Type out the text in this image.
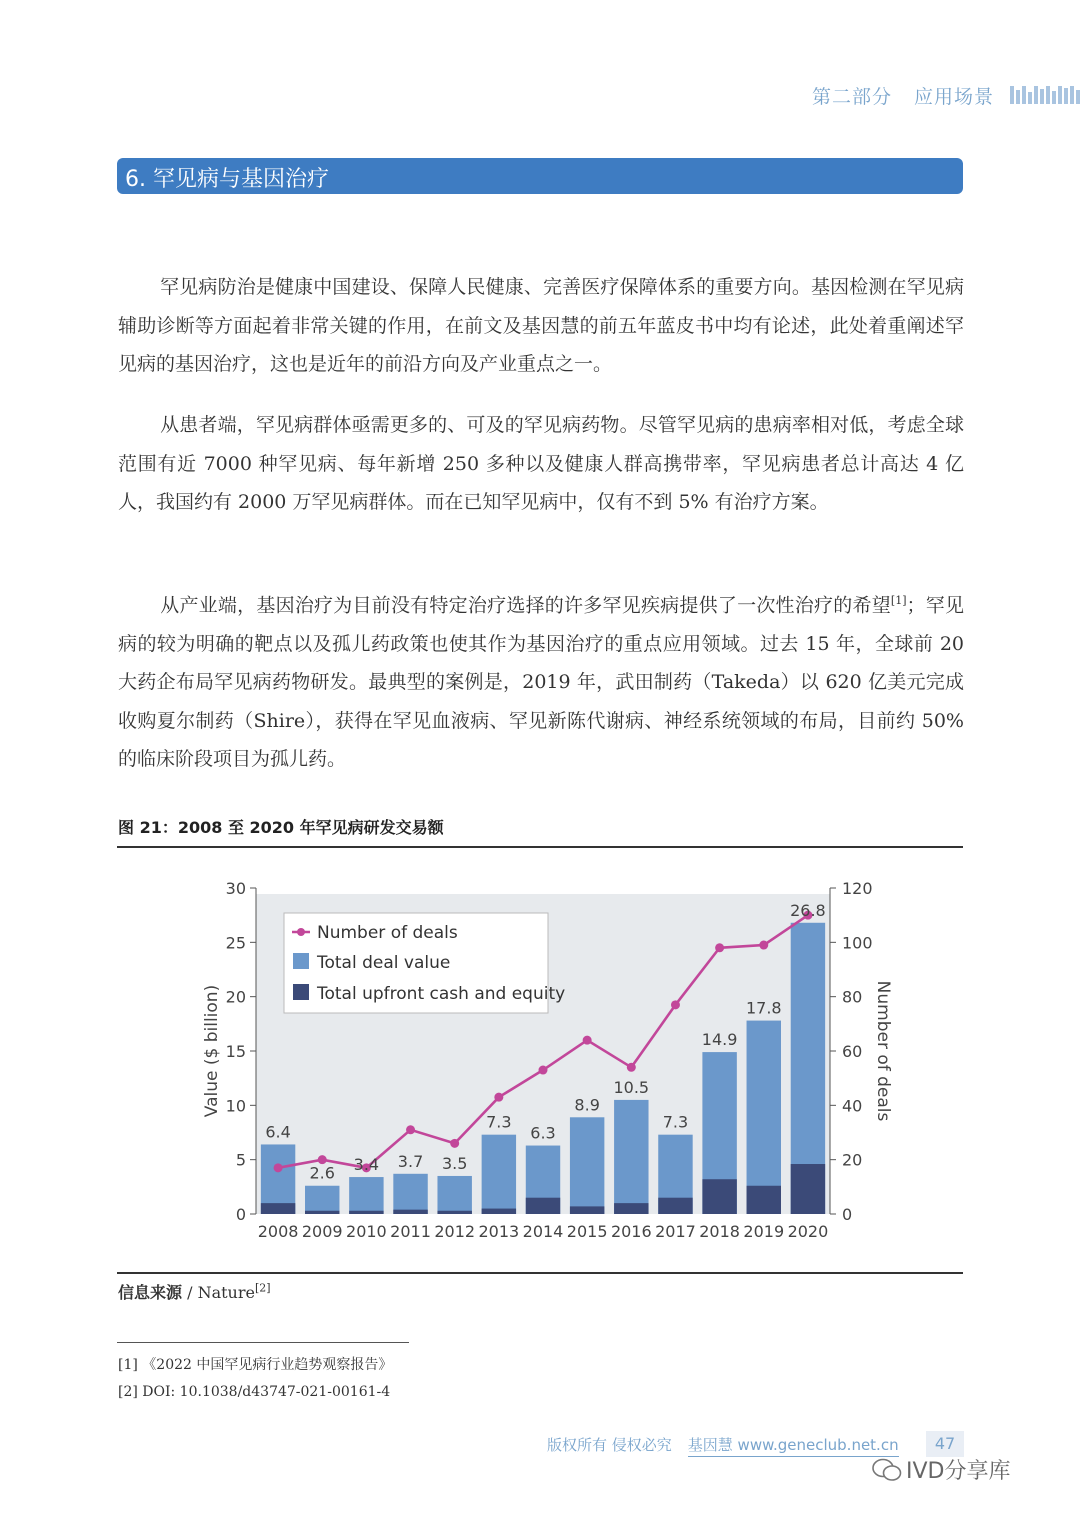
第二部分 应用场景
6. 罕见病与基因治疗
罕见病防治是健康中国建设、保障人民健康、完善医疗保障体系的重要方向。基因检测在罕见病辅助诊断等方面起着非常关键的作用，在前文及基因慧的前五年蓝皮书中均有论述，此处着重阐述罕见病的基因治疗，这也是近年的前沿方向及产业重点之一。
从患者端，罕见病群体亟需更多的、可及的罕见病药物。尽管罕见病的患病率相对低，考虑全球范围有近 7000 种罕见病、每年新增 250 多种以及健康人群高携带率，罕见病患者总计高达 4 亿人，我国约有 2000 万罕见病群体。而在已知罕见病中，仅有不到 5% 有治疗方案。
从产业端，基因治疗为目前没有特定治疗选择的许多罕见疾病提供了一次性治疗的希望[1]；罕见病的较为明确的靶点以及孤儿药政策也使其作为基因治疗的重点应用领域。过去 15 年，全球前 20 大药企布局罕见病药物研发。最典型的案例是，2019 年，武田制药（Takeda）以 620 亿美元完成收购夏尔制药（Shire），获得在罕见血液病、罕见新陈代谢病、神经系统领域的布局，目前约 50% 的临床阶段项目为孤儿药。
图 21：2008 至 2020 年罕见病研发交易额
0
5
10
15
20
25
30
0
20
40
60
80
100
120
Value ($ billion)	Number of deals
2008 2009 2010 2011 2012 2013 2014 2015 2016 2017 2018 2019 2020
6.4
2.6 3.4 3.7 3.5
7.3
6.3
8.9
10.5
7.3
14.9
17.8
26.8
Number of deals
Total deal value
Total upfront cash and equity
信息来源 / Nature[2]
[1] 《2022 中国罕见病行业趋势观察报告》
[2] DOI: 10.1038/d43747-021-00161-4
版权所有 侵权必究 基因慧 www.geneclub.net.cn	47
IVD分享库
